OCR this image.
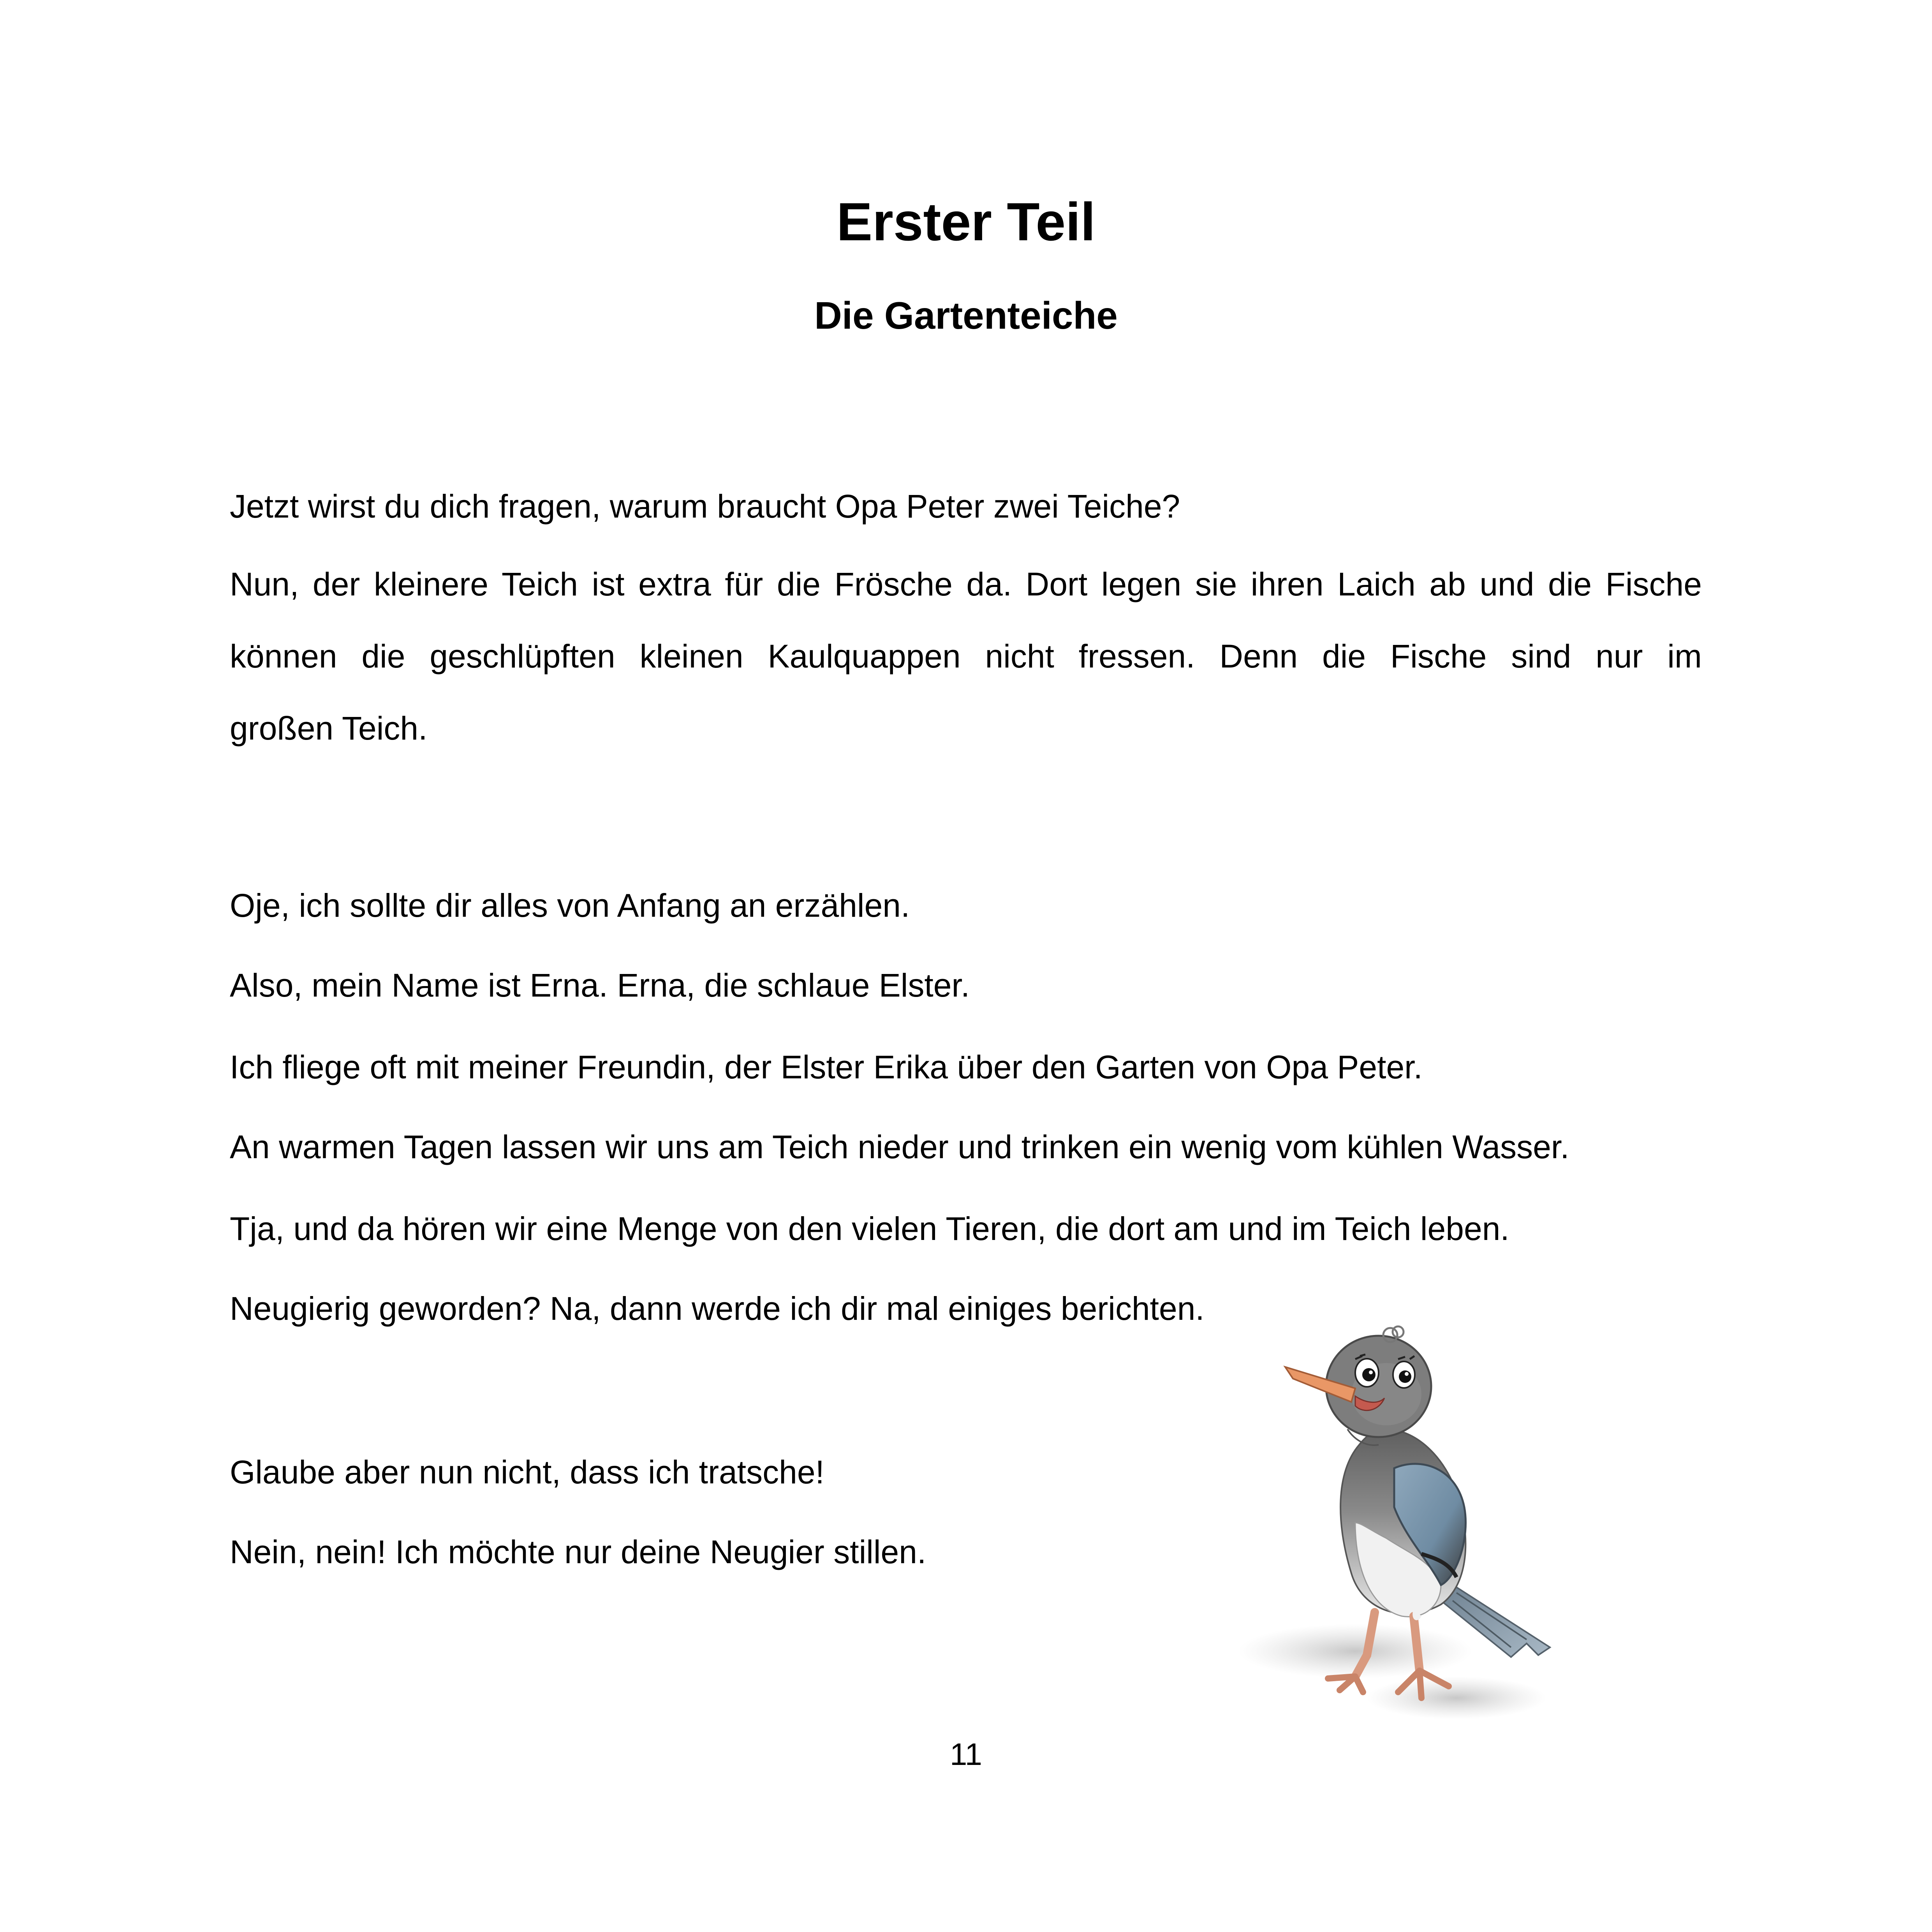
Erster Teil
Die Gartenteiche

Jetzt wirst du dich fragen, warum braucht Opa Peter zwei Teiche?

Nun, der kleinere Teich ist extra für die Frösche da. Dort legen sie ihren Laich ab und die Fische

können die geschlüpften kleinen Kaulquappen nicht fressen. Denn die Fische sind nur im

großen Teich.

Oje, ich sollte dir alles von Anfang an erzählen.

Also, mein Name ist Erna. Erna, die schlaue Elster.

Ich fliege oft mit meiner Freundin, der Elster Erika über den Garten von Opa Peter.

An warmen Tagen lassen wir uns am Teich nieder und trinken ein wenig vom kühlen Wasser.

Tja, und da hören wir eine Menge von den vielen Tieren, die dort am und im Teich leben.

Neugierig geworden? Na, dann werde ich dir mal einiges berichten.

Glaube aber nun nicht, dass ich tratsche!

Nein, nein! Ich möchte nur deine Neugier stillen.

11
